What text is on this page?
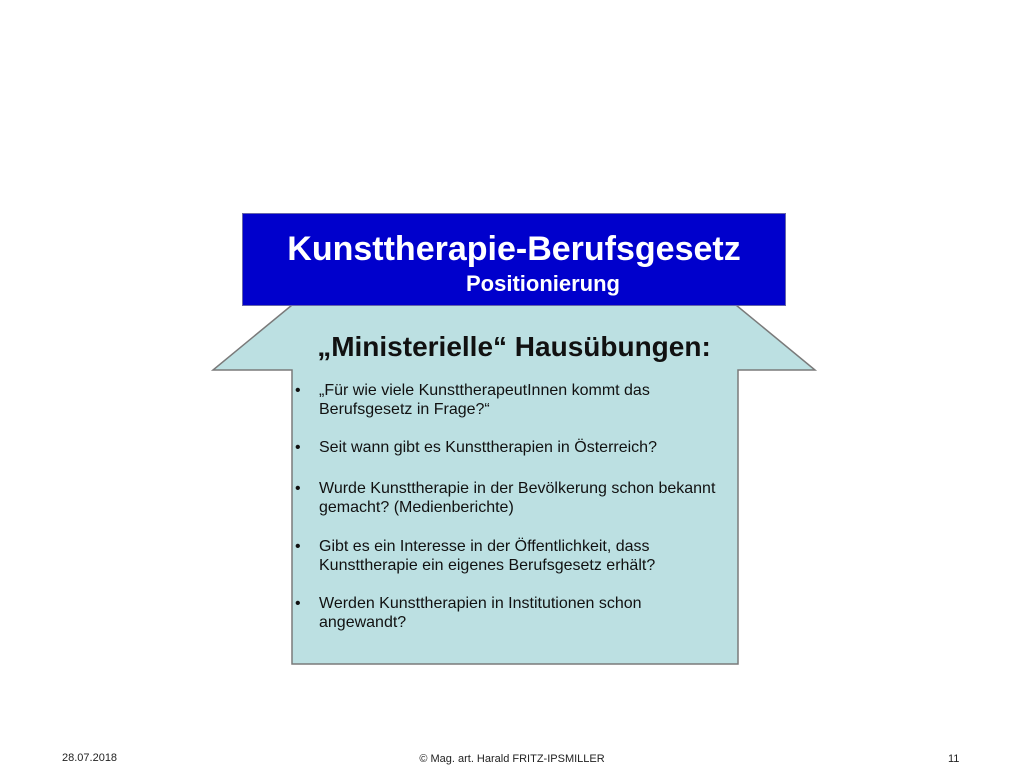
Kunsttherapie-Berufsgesetz
Positionierung
„Ministerielle“ Hausübungen:
• „Für wie viele KunsttherapeutInnen kommt das Berufsgesetz in Frage?“
• Seit wann gibt es Kunsttherapien in Österreich?
• Wurde Kunsttherapie in der Bevölkerung schon bekannt gemacht? (Medienberichte)
• Gibt es ein Interesse in der Öffentlichkeit, dass Kunsttherapie ein eigenes Berufsgesetz erhält?
• Werden Kunsttherapien in Institutionen schon angewandt?
28.07.2018	© Mag. art. Harald FRITZ-IPSMILLER	11
